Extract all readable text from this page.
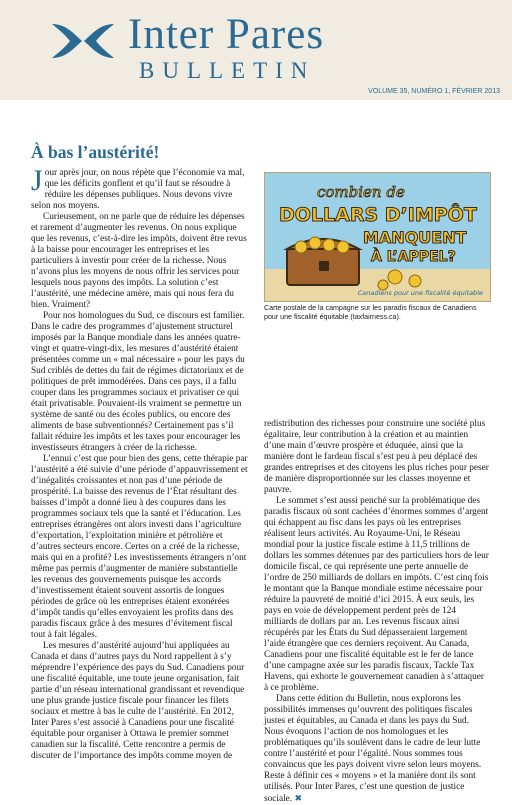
Inter Pares
BULLETIN
VOLUME 35, NUMÉRO 1, FÉVRIER 2013
À bas l’austérité!

Jour après jour, on nous répète que l’économie va mal, que les déficits gonflent et qu’il faut se résoudre à réduire les dépenses publiques. Nous devons vivre selon nos moyens.

Curieusement, on ne parle que de réduire les dépenses et rarement d’augmenter les revenus. On nous explique que les revenus, c’est-à-dire les impôts, doivent être revus à la baisse pour encourager les entreprises et les particuliers à investir pour créer de la richesse. Nous n’avons plus les moyens de nous offrir les services pour lesquels nous payons des impôts. La solution c’est l’austérité, une médecine amère, mais qui nous fera du bien. Vraiment?

Pour nos homologues du Sud, ce discours est familier. Dans le cadre des programmes d’ajustement structurel imposés par la Banque mondiale dans les années quatre-vingt et quatre-vingt-dix, les mesures d’austérité étaient présentées comme un « mal nécessaire » pour les pays du Sud criblés de dettes du fait de régimes dictatoriaux et de politiques de prêt immodérées. Dans ces pays, il a fallu couper dans les programmes sociaux et privatiser ce qui était privatisable. Pouvaient-ils vraiment se permettre un système de santé ou des écoles publics, ou encore des aliments de base subventionnés? Certainement pas s’il fallait réduire les impôts et les taxes pour encourager les investisseurs étrangers à créer de la richesse.

L’ennui c’est que pour bien des gens, cette thérapie par l’austérité a été suivie d’une période d’appauvrissement et d’inégalités croissantes et non pas d’une période de prospérité. La baisse des revenus de l’État résultant des baisses d’impôt a donné lieu à des coupures dans les programmes sociaux tels que la santé et l’éducation. Les entreprises étrangères ont alors investi dans l’agriculture d’exportation, l’exploitation minière et pétrolière et d’autres secteurs encore. Certes on a créé de la richesse, mais qui en a profité? Les investissements étrangers n’ont même pas permis d’augmenter de manière substantielle les revenus des gouvernements puisque les accords d’investissement étaient souvent assortis de longues périodes de grâce où les entreprises étaient exonérées d’impôt tandis qu’elles envoyaient les profits dans des paradis fiscaux grâce à des mesures d’évitement fiscal tout à fait légales.

Les mesures d’austérité aujourd’hui appliquées au Canada et dans d’autres pays du Nord rappellent à s’y méprendre l’expérience des pays du Sud. Canadiens pour une fiscalité équitable, une toute jeune organisation, fait partie d’un réseau international grandissant et revendique une plus grande justice fiscale pour financer les filets sociaux et mettre à bas le culte de l’austérité. En 2012, Inter Pares s’est associé à Canadiens pour une fiscalité équitable pour organiser à Ottawa le premier sommet canadien sur la fiscalité. Cette rencontre a permis de discuter de l’importance des impôts comme moyen de

combien de
DOLLARS D’IMPÔT
MANQUENT
À L’APPEL?
Canadiens pour une fiscalité équitable
Carte postale de la campagne sur les paradis fiscaux de Canadiens pour une fiscalité équitable (taxfairness.ca).

redistribution des richesses pour construire une société plus égalitaire, leur contribution à la création et au maintien d’une main d’œuvre prospère et éduquée, ainsi que la manière dont le fardeau fiscal s’est peu à peu déplacé des grandes entreprises et des citoyens les plus riches pour peser de manière disproportionnée sur les classes moyenne et pauvre.

Le sommet s’est aussi penché sur la problématique des paradis fiscaux où sont cachées d’énormes sommes d’argent qui échappent au fisc dans les pays où les entreprises réalisent leurs activités. Au Royaume-Uni, le Réseau mondial pour la justice fiscale estime à 11,5 trillions de dollars les sommes détenues par des particuliers hors de leur domicile fiscal, ce qui représente une perte annuelle de l’ordre de 250 milliards de dollars en impôts. C’est cinq fois le montant que la Banque mondiale estime nécessaire pour réduire la pauvreté de moitié d’ici 2015. À eux seuls, les pays en voie de développement perdent près de 124 milliards de dollars par an. Les revenus fiscaux ainsi récupérés par les États du Sud dépasseraient largement l’aide étrangère que ces derniers reçoivent. Au Canada, Canadiens pour une fiscalité équitable est le fer de lance d’une campagne axée sur les paradis fiscaux, Tackle Tax Havens, qui exhorte le gouvernement canadien à s’attaquer à ce problème.

Dans cette édition du Bulletin, nous explorons les possibilités immenses qu’ouvrent des politiques fiscales justes et équitables, au Canada et dans les pays du Sud. Nous évoquons l’action de nos homologues et les problématiques qu’ils soulèvent dans le cadre de leur lutte contre l’austérité et pour l’égalité. Nous sommes tous convaincus que les pays doivent vivre selon leurs moyens. Reste à définir ces « moyens » et la manière dont ils sont utilisés. Pour Inter Pares, c’est une question de justice sociale. ✖
